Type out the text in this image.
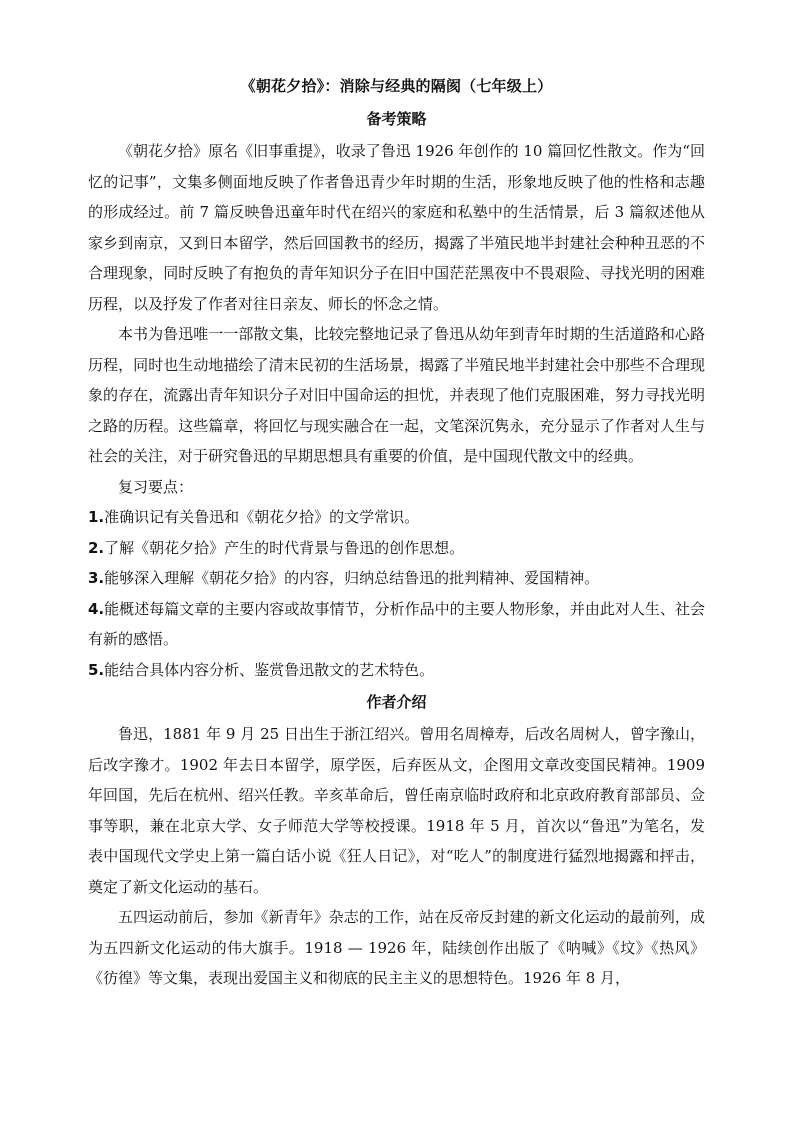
《朝花夕拾》：消除与经典的隔阂（七年级上）
备考策略

《朝花夕拾》原名《旧事重提》，收录了鲁迅 1926 年创作的 10 篇回忆性散文。作为“回忆的记事”，文集多侧面地反映了作者鲁迅青少年时期的生活，形象地反映了他的性格和志趣的形成经过。前 7 篇反映鲁迅童年时代在绍兴的家庭和私塾中的生活情景，后 3 篇叙述他从家乡到南京，又到日本留学，然后回国教书的经历，揭露了半殖民地半封建社会种种丑恶的不合理现象，同时反映了有抱负的青年知识分子在旧中国茫茫黑夜中不畏艰险、寻找光明的困难历程，以及抒发了作者对往日亲友、师长的怀念之情。

本书为鲁迅唯一一部散文集，比较完整地记录了鲁迅从幼年到青年时期的生活道路和心路历程，同时也生动地描绘了清末民初的生活场景，揭露了半殖民地半封建社会中那些不合理现象的存在，流露出青年知识分子对旧中国命运的担忧，并表现了他们克服困难，努力寻找光明之路的历程。这些篇章，将回忆与现实融合在一起，文笔深沉隽永，充分显示了作者对人生与社会的关注，对于研究鲁迅的早期思想具有重要的价值，是中国现代散文中的经典。

复习要点：

1.准确识记有关鲁迅和《朝花夕拾》的文学常识。
2.了解《朝花夕拾》产生的时代背景与鲁迅的创作思想。
3.能够深入理解《朝花夕拾》的内容，归纳总结鲁迅的批判精神、爱国精神。
4.能概述每篇文章的主要内容或故事情节，分析作品中的主要人物形象，并由此对人生、社会有新的感悟。
5.能结合具体内容分析、鉴赏鲁迅散文的艺术特色。
作者介绍

鲁迅，1881 年 9 月 25 日出生于浙江绍兴。曾用名周樟寿，后改名周树人，曾字豫山，后改字豫才。1902 年去日本留学，原学医，后弃医从文，企图用文章改变国民精神。1909 年回国，先后在杭州、绍兴任教。辛亥革命后，曾任南京临时政府和北京政府教育部部员、佥事等职，兼在北京大学、女子师范大学等校授课。1918 年 5 月，首次以“鲁迅”为笔名，发表中国现代文学史上第一篇白话小说《狂人日记》，对“吃人”的制度进行猛烈地揭露和抨击，奠定了新文化运动的基石。

五四运动前后，参加《新青年》杂志的工作，站在反帝反封建的新文化运动的最前列，成为五四新文化运动的伟大旗手。1918 — 1926 年，陆续创作出版了《呐喊》《坟》《热风》《彷徨》等文集，表现出爱国主义和彻底的民主主义的思想特色。1926 年 8 月，
